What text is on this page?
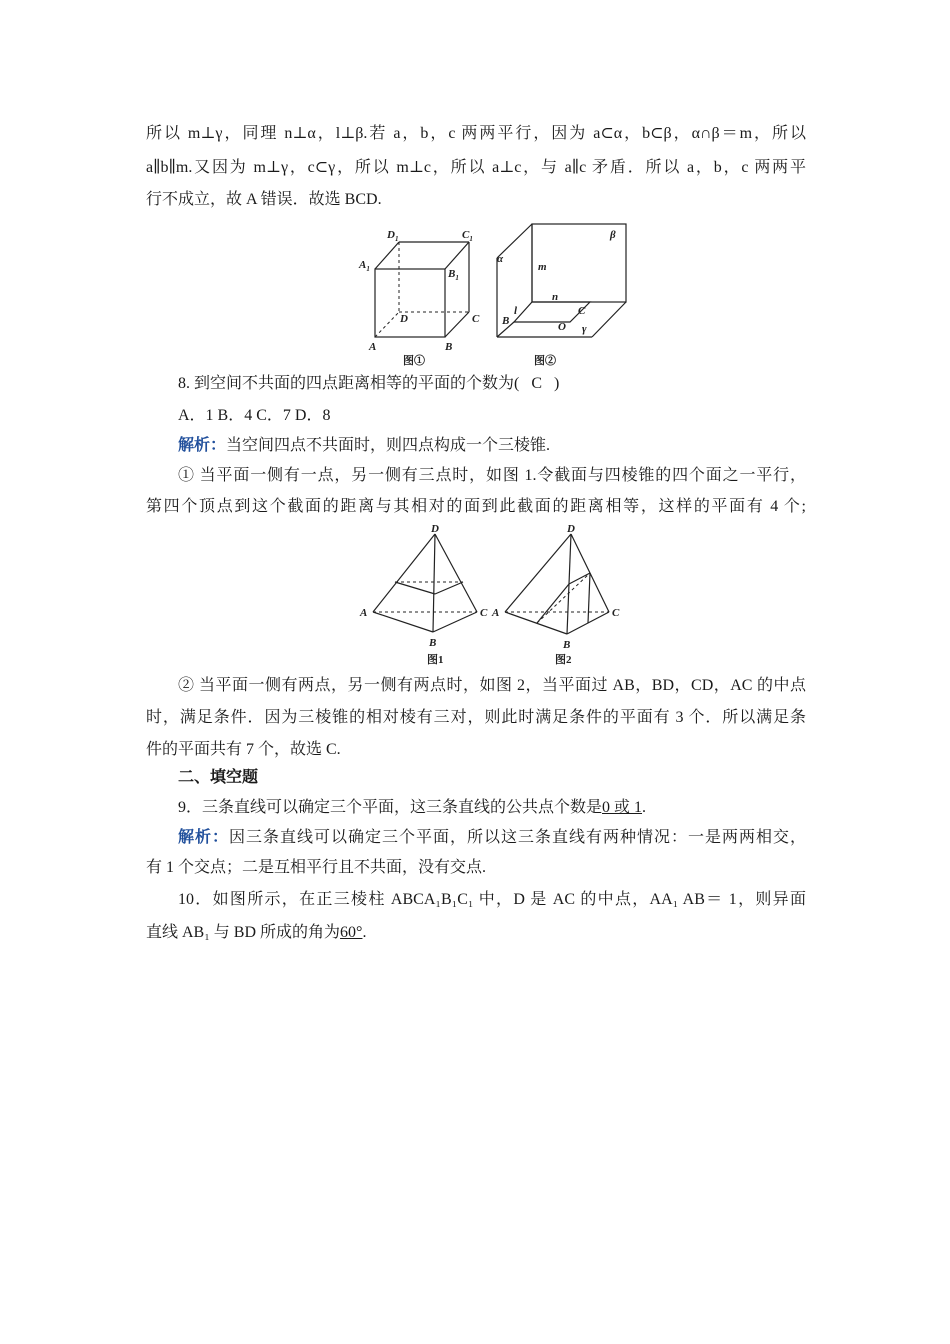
所以 m⊥γ，同理 n⊥α，l⊥β.若 a，b，c 两两平行，因为 a⊂α，b⊂β，α∩β＝m，所以
a∥b∥m.又因为 m⊥γ，c⊂γ，所以 m⊥c，所以 a⊥c，与 a∥c 矛盾．所以 a，b，c 两两平
行不成立，故 A 错误．故选 BCD.
$D_1$	$C_1$
$A_1$	$B_1$
D	C
A	B
图①
α
β
m
n
l
B
C
O γ
图②
8. 到空间不共面的四点距离相等的平面的个数为( C )
A．1 B．4 C．7 D．8
解析：当空间四点不共面时，则四点构成一个三棱锥.
① 当平面一侧有一点，另一侧有三点时，如图 1.令截面与四棱锥的四个面之一平行，
第四个顶点到这个截面的距离与其相对的面到此截面的距离相等，这样的平面有 4 个;
D
A	C
B
图1
D
A	C
B
图2
② 当平面一侧有两点，另一侧有两点时，如图 2，当平面过 AB，BD，CD，AC 的中点
时，满足条件．因为三棱锥的相对棱有三对，则此时满足条件的平面有 3 个．所以满足条
件的平面共有 7 个，故选 C.
二、填空题
9．三条直线可以确定三个平面，这三条直线的公共点个数是0 或 1.
解析：因三条直线可以确定三个平面，所以这三条直线有两种情况：一是两两相交，
有 1 个交点；二是互相平行且不共面，没有交点.
10．如图所示，在正三棱柱 ABCA₁B₁C₁ 中，D 是 AC 的中点，AA₁ AB＝ 1，则异面
直线 AB₁ 与 BD 所成的角为60°.
